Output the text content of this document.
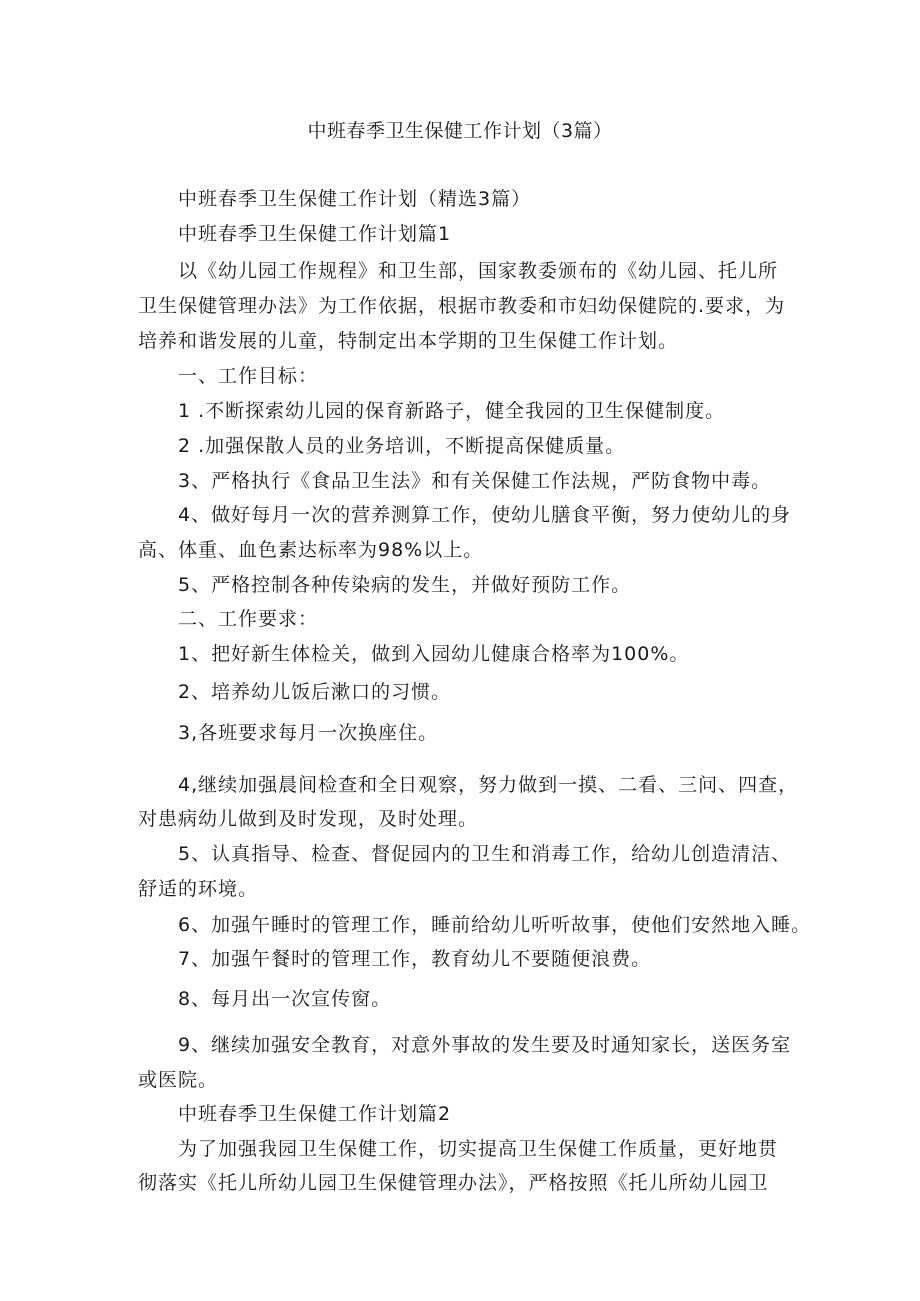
中班春季卫生保健工作计划（3篇）
中班春季卫生保健工作计划（精选3篇）
中班春季卫生保健工作计划篇1
以《幼儿园工作规程》和卫生部，国家教委颁布的《幼儿园、托儿所
卫生保健管理办法》为工作依据，根据市教委和市妇幼保健院的.要求，为
培养和谐发展的儿童，特制定出本学期的卫生保健工作计划。
一、工作目标：
1 .不断探索幼儿园的保育新路子，健全我园的卫生保健制度。
2 .加强保散人员的业务培训，不断提高保健质量。
3、严格执行《食品卫生法》和有关保健工作法规，严防食物中毒。
4、做好每月一次的营养测算工作，使幼儿膳食平衡，努力使幼儿的身
高、体重、血色素达标率为98%以上。
5、严格控制各种传染病的发生，并做好预防工作。
二、工作要求：
1、把好新生体检关，做到入园幼儿健康合格率为100%。
2、培养幼儿饭后漱口的习惯。
3,各班要求每月一次换座住。
4,继续加强晨间检查和全日观察，努力做到一摸、二看、三问、四查，
对患病幼儿做到及时发现，及时处理。
5、认真指导、检查、督促园内的卫生和消毒工作，给幼儿创造清洁、
舒适的环境。
6、加强午睡时的管理工作，睡前给幼儿听听故事，使他们安然地入睡。
7、加强午餐时的管理工作，教育幼儿不要随便浪费。
8、每月出一次宣传窗。
9、继续加强安全教育，对意外事故的发生要及时通知家长，送医务室
或医院。
中班春季卫生保健工作计划篇2
为了加强我园卫生保健工作，切实提高卫生保健工作质量，更好地贯
彻落实《托儿所幼儿园卫生保健管理办法》，严格按照《托儿所幼儿园卫
